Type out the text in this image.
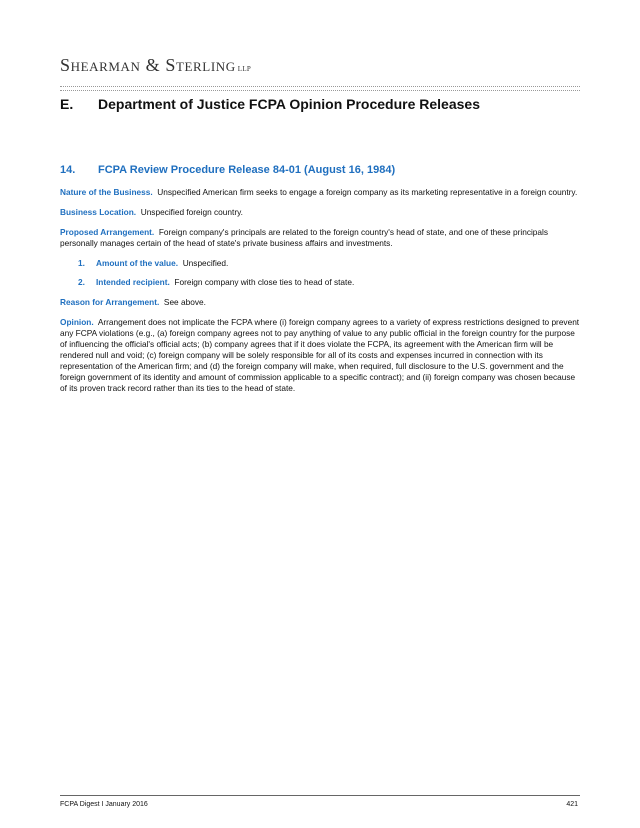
Shearman & Sterling LLP
E. Department of Justice FCPA Opinion Procedure Releases
14. FCPA Review Procedure Release 84-01 (August 16, 1984)

Nature of the Business. Unspecified American firm seeks to engage a foreign company as its marketing representative in a foreign country.

Business Location. Unspecified foreign country.

Proposed Arrangement. Foreign company's principals are related to the foreign country's head of state, and one of these principals personally manages certain of the head of state's private business affairs and investments.

1. Amount of the value. Unspecified.
2. Intended recipient. Foreign company with close ties to head of state.

Reason for Arrangement. See above.

Opinion. Arrangement does not implicate the FCPA where (i) foreign company agrees to a variety of express restrictions designed to prevent any FCPA violations (e.g., (a) foreign company agrees not to pay anything of value to any public official in the foreign country for the purpose of influencing the official's official acts; (b) company agrees that if it does violate the FCPA, its agreement with the American firm will be rendered null and void; (c) foreign company will be solely responsible for all of its costs and expenses incurred in connection with its representation of the American firm; and (d) the foreign company will make, when required, full disclosure to the U.S. government and the foreign government of its identity and amount of commission applicable to a specific contract); and (ii) foreign company was chosen because of its proven track record rather than its ties to the head of state.

FCPA Digest I January 2016	421
